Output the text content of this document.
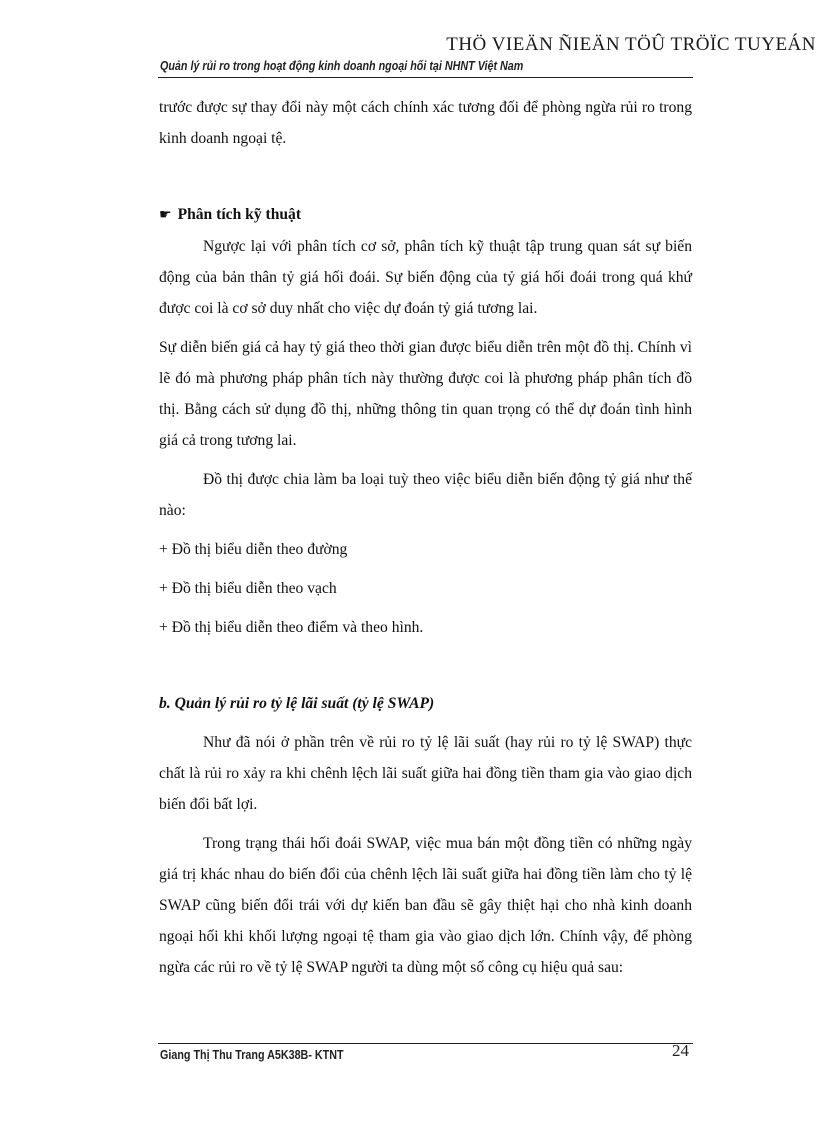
THÖ VIEÄN ÑIEÄN TÖÛ TRÖÏC TUYEÁN
Quản lý rủi ro trong hoạt động kinh doanh ngoại hối tại NHNT Việt Nam

trước được sự thay đổi này một cách chính xác tương đối để phòng ngừa rủi ro trong kinh doanh ngoại tệ.

☛ Phân tích kỹ thuật

Ngược lại với phân tích cơ sở, phân tích kỹ thuật tập trung quan sát sự biến động của bản thân tỷ giá hối đoái. Sự biến động của tỷ giá hối đoái trong quá khứ được coi là cơ sở duy nhất cho việc dự đoán tỷ giá tương lai.

Sự diễn biến giá cả hay tỷ giá theo thời gian được biểu diễn trên một đồ thị. Chính vì lẽ đó mà phương pháp phân tích này thường được coi là phương pháp phân tích đồ thị. Bằng cách sử dụng đồ thị, những thông tin quan trọng có thể dự đoán tình hình giá cả trong tương lai.

Đồ thị được chia làm ba loại tuỳ theo việc biểu diễn biến động tỷ giá như thế nào:

+ Đồ thị biểu diễn theo đường

+ Đồ thị biểu diễn theo vạch

+ Đồ thị biểu diễn theo điểm và theo hình.

b. Quản lý rủi ro tỷ lệ lãi suất (tỷ lệ SWAP)

Như đã nói ở phần trên về rủi ro tỷ lệ lãi suất (hay rủi ro tỷ lệ SWAP) thực chất là rủi ro xảy ra khi chênh lệch lãi suất giữa hai đồng tiền tham gia vào giao dịch biến đổi bất lợi.

Trong trạng thái hối đoái SWAP, việc mua bán một đồng tiền có những ngày giá trị khác nhau do biến đổi của chênh lệch lãi suất giữa hai đồng tiền làm cho tỷ lệ SWAP cũng biến đổi trái với dự kiến ban đầu sẽ gây thiệt hại cho nhà kinh doanh ngoại hối khi khối lượng ngoại tệ tham gia vào giao dịch lớn. Chính vậy, để phòng ngừa các rủi ro về tỷ lệ SWAP người ta dùng một số công cụ hiệu quả sau:

Giang Thị Thu Trang A5K38B- KTNT	24
